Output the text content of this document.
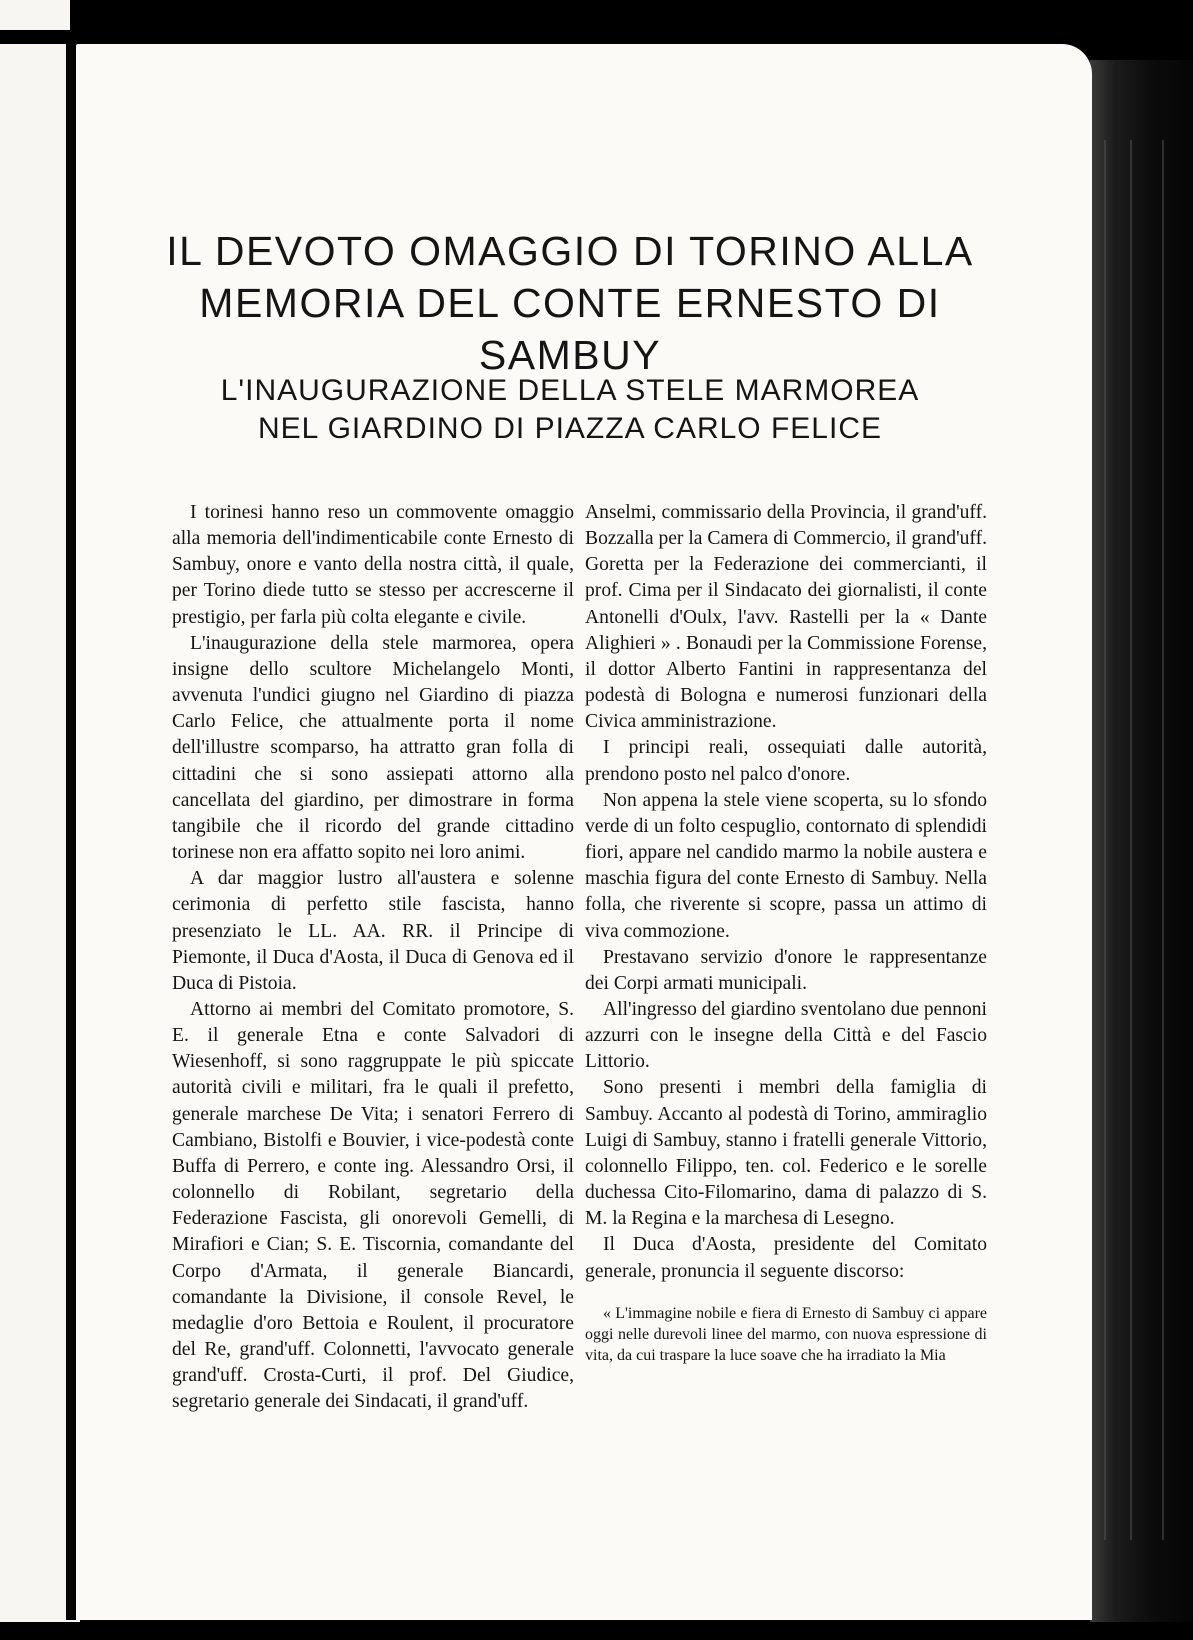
IL DEVOTO OMAGGIO DI TORINO ALLA MEMORIA DEL CONTE ERNESTO DI SAMBUY
L'INAUGURAZIONE DELLA STELE MARMOREA NEL GIARDINO DI PIAZZA CARLO FELICE

I torinesi hanno reso un commovente omaggio alla memoria dell'indimenticabile conte Ernesto di Sambuy, onore e vanto della nostra città, il quale, per Torino diede tutto se stesso per accrescerne il prestigio, per farla più colta elegante e civile.

L'inaugurazione della stele marmorea, opera insigne dello scultore Michelangelo Monti, avvenuta l'undici giugno nel Giardino di piazza Carlo Felice, che attualmente porta il nome dell'illustre scomparso, ha attratto gran folla di cittadini che si sono assiepati attorno alla cancellata del giardino, per dimostrare in forma tangibile che il ricordo del grande cittadino torinese non era affatto sopito nei loro animi.

A dar maggior lustro all'austera e solenne cerimonia di perfetto stile fascista, hanno presenziato le LL. AA. RR. il Principe di Piemonte, il Duca d'Aosta, il Duca di Genova ed il Duca di Pistoia.

Attorno ai membri del Comitato promotore, S. E. il generale Etna e conte Salvadori di Wiesenhoff, si sono raggruppate le più spiccate autorità civili e militari, fra le quali il prefetto, generale marchese De Vita; i senatori Ferrero di Cambiano, Bistolfi e Bouvier, i vice-podestà conte Buffa di Perrero, e conte ing. Alessandro Orsi, il colonnello di Robilant, segretario della Federazione Fascista, gli onorevoli Gemelli, di Mirafiori e Cian; S. E. Tiscornia, comandante del Corpo d'Armata, il generale Biancardi, comandante la Divisione, il console Revel, le medaglie d'oro Bettoia e Roulent, il procuratore del Re, grand'uff. Colonnetti, l'avvocato generale grand'uff. Crosta-Curti, il prof. Del Giudice, segretario generale dei Sindacati, il grand'uff.

Anselmi, commissario della Provincia, il grand'uff. Bozzalla per la Camera di Commercio, il grand'uff. Goretta per la Federazione dei commercianti, il prof. Cima per il Sindacato dei giornalisti, il conte Antonelli d'Oulx, l'avv. Rastelli per la « Dante Alighieri » . Bonaudi per la Commissione Forense, il dottor Alberto Fantini in rappresentanza del podestà di Bologna e numerosi funzionari della Civica amministrazione.

I principi reali, ossequiati dalle autorità, prendono posto nel palco d'onore.

Non appena la stele viene scoperta, su lo sfondo verde di un folto cespuglio, contornato di splendidi fiori, appare nel candido marmo la nobile austera e maschia figura del conte Ernesto di Sambuy. Nella folla, che riverente si scopre, passa un attimo di viva commozione.

Prestavano servizio d'onore le rappresentanze dei Corpi armati municipali.

All'ingresso del giardino sventolano due pennoni azzurri con le insegne della Città e del Fascio Littorio.

Sono presenti i membri della famiglia di Sambuy. Accanto al podestà di Torino, ammiraglio Luigi di Sambuy, stanno i fratelli generale Vittorio, colonnello Filippo, ten. col. Federico e le sorelle duchessa Cito-Filomarino, dama di palazzo di S. M. la Regina e la marchesa di Lesegno.

Il Duca d'Aosta, presidente del Comitato generale, pronuncia il seguente discorso:

« L'immagine nobile e fiera di Ernesto di Sambuy ci appare oggi nelle durevoli linee del marmo, con nuova espressione di vita, da cui traspare la luce soave che ha irradiato la Mia
